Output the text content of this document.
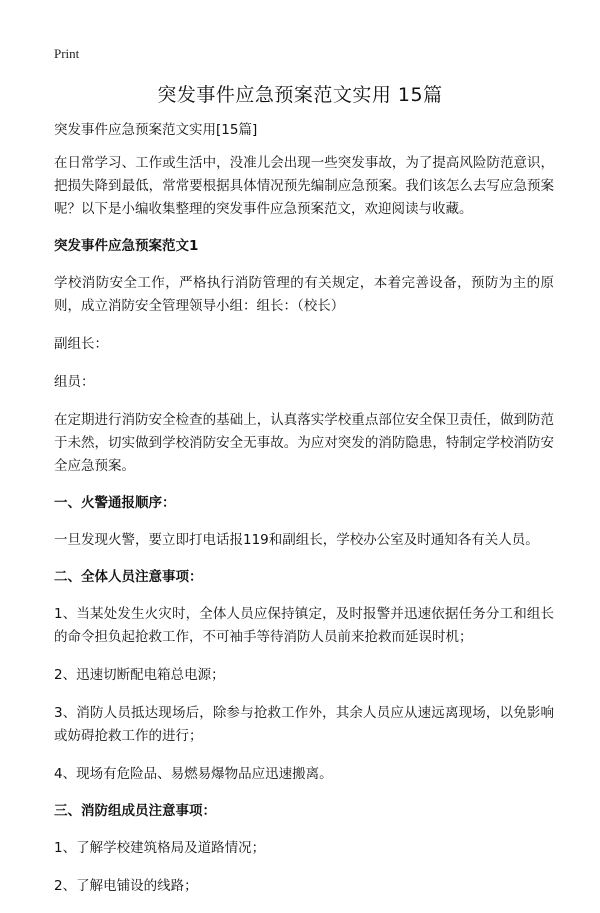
Print
突发事件应急预案范文实用 15篇

突发事件应急预案范文实用[15篇]

在日常学习、工作或生活中，没准儿会出现一些突发事故，为了提高风险防范意识，把损失降到最低，常常要根据具体情况预先编制应急预案。我们该怎么去写应急预案呢？以下是小编收集整理的突发事件应急预案范文，欢迎阅读与收藏。

突发事件应急预案范文1

学校消防安全工作，严格执行消防管理的有关规定，本着完善设备，预防为主的原则，成立消防安全管理领导小组：组长：（校长）

副组长：

组员：

在定期进行消防安全检查的基础上，认真落实学校重点部位安全保卫责任，做到防范于未然，切实做到学校消防安全无事故。为应对突发的消防隐患，特制定学校消防安全应急预案。

一、火警通报顺序：

一旦发现火警，要立即打电话报119和副组长，学校办公室及时通知各有关人员。

二、全体人员注意事项：

1、当某处发生火灾时，全体人员应保持镇定，及时报警并迅速依据任务分工和组长的命令担负起抢救工作，不可袖手等待消防人员前来抢救而延误时机；

2、迅速切断配电箱总电源；

3、消防人员抵达现场后，除参与抢救工作外，其余人员应从速远离现场，以免影响或妨碍抢救工作的进行；

4、现场有危险品、易燃易爆物品应迅速搬离。

三、消防组成员注意事项：

1、了解学校建筑格局及道路情况；

2、了解电铺设的线路；
